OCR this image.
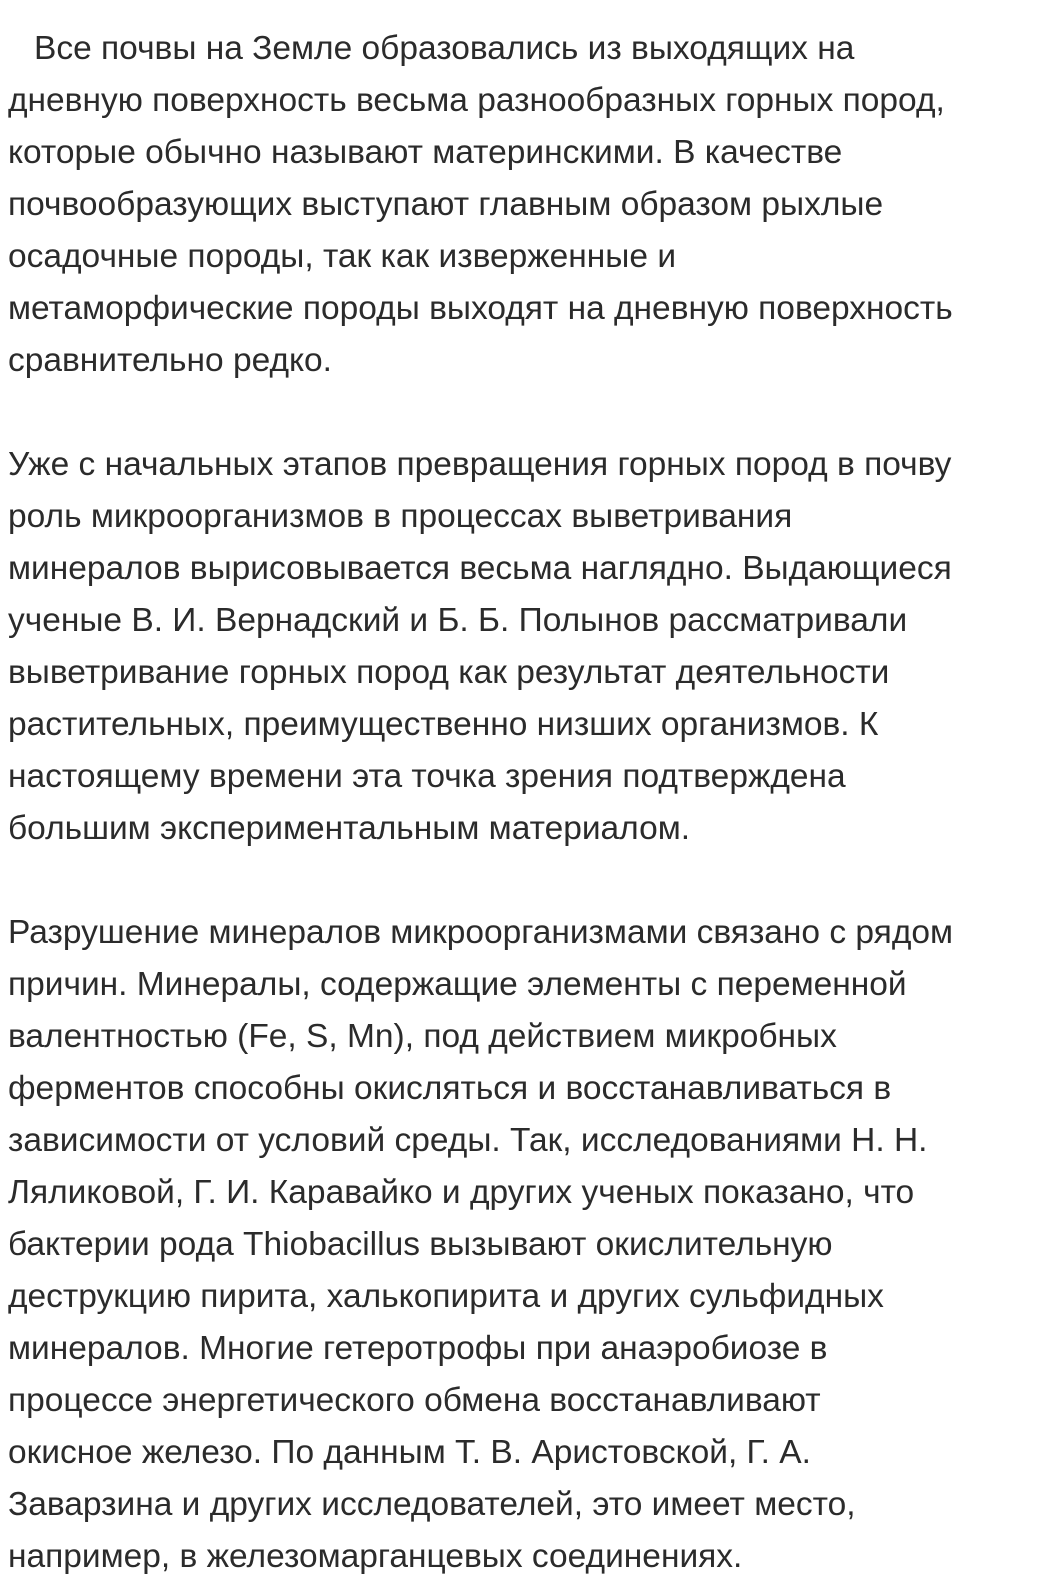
Все почвы на Земле образовались из выходящих на
дневную поверхность весьма разнообразных горных пород,
которые обычно называют материнскими. В качестве
почвообразующих выступают главным образом рыхлые
осадочные породы, так как изверженные и
метаморфические породы выходят на дневную поверхность
сравнительно редко.

Уже с начальных этапов превращения горных пород в почву
роль микроорганизмов в процессах выветривания
минералов вырисовывается весьма наглядно. Выдающиеся
ученые В. И. Вернадский и Б. Б. Полынов рассматривали
выветривание горных пород как результат деятельности
растительных, преимущественно низших организмов. К
настоящему времени эта точка зрения подтверждена
большим экспериментальным материалом.

Разрушение минералов микроорганизмами связано с рядом
причин. Минералы, содержащие элементы с переменной
валентностью (Fe, S, Mn), под действием микробных
ферментов способны окисляться и восстанавливаться в
зависимости от условий среды. Так, исследованиями Н. Н.
Ляликовой, Г. И. Каравайко и других ученых показано, что
бактерии рода Thiobacillus вызывают окислительную
деструкцию пирита, халькопирита и других сульфидных
минералов. Многие гетеротрофы при анаэробиозе в
процессе энергетического обмена восстанавливают
окисное железо. По данным Т. В. Аристовской, Г. А.
Заварзина и других исследователей, это имеет место,
например, в железомарганцевых соединениях.
